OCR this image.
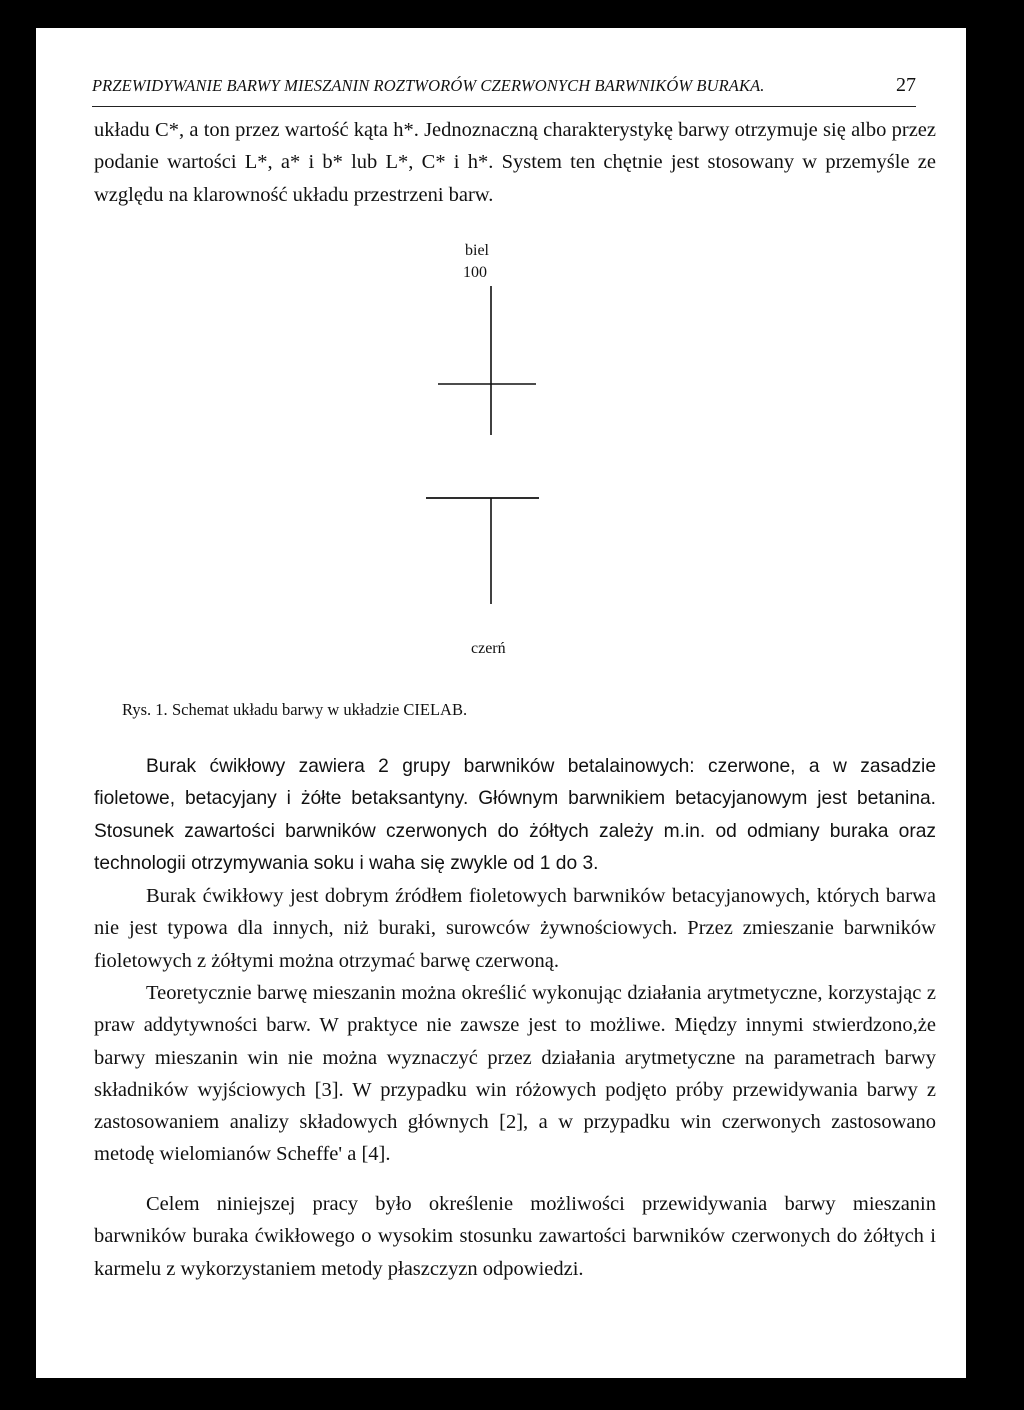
PRZEWIDYWANIE BARWY MIESZANIN ROZTWORÓW CZERWONYCH BARWNIKÓW BURAKA.	27

układu C*, a ton przez wartość kąta h*. Jednoznaczną charakterystykę barwy otrzymuje się albo przez podanie wartości L*, a* i b* lub L*, C* i h*. System ten chętnie jest stosowany w przemyśle ze względu na klarowność układu przestrzeni barw.

biel
100
czerń
Rys. 1. Schemat układu barwy w układzie CIELAB.

Burak ćwikłowy zawiera 2 grupy barwników betalainowych: czerwone, a w zasadzie fioletowe, betacyjany i żółte betaksantyny. Głównym barwnikiem betacyjanowym jest betanina. Stosunek zawartości barwników czerwonych do żółtych zależy m.in. od odmiany buraka oraz technologii otrzymywania soku i waha się zwykle od 1 do 3.

Burak ćwikłowy jest dobrym źródłem fioletowych barwników betacyjanowych, których barwa nie jest typowa dla innych, niż buraki, surowców żywnościowych. Przez zmieszanie barwników fioletowych z żółtymi można otrzymać barwę czerwoną.

Teoretycznie barwę mieszanin można określić wykonując działania arytmetyczne, korzystając z praw addytywności barw. W praktyce nie zawsze jest to możliwe. Między innymi stwierdzono,że barwy mieszanin win nie można wyznaczyć przez działania arytmetyczne na parametrach barwy składników wyjściowych [3]. W przypadku win różowych podjęto próby przewidywania barwy z zastosowaniem analizy składowych głównych [2], a w przypadku win czerwonych zastosowano metodę wielomianów Scheffe' a [4].

Celem niniejszej pracy było określenie możliwości przewidywania barwy mieszanin barwników buraka ćwikłowego o wysokim stosunku zawartości barwników czerwonych do żółtych i karmelu z wykorzystaniem metody płaszczyzn odpowiedzi.
